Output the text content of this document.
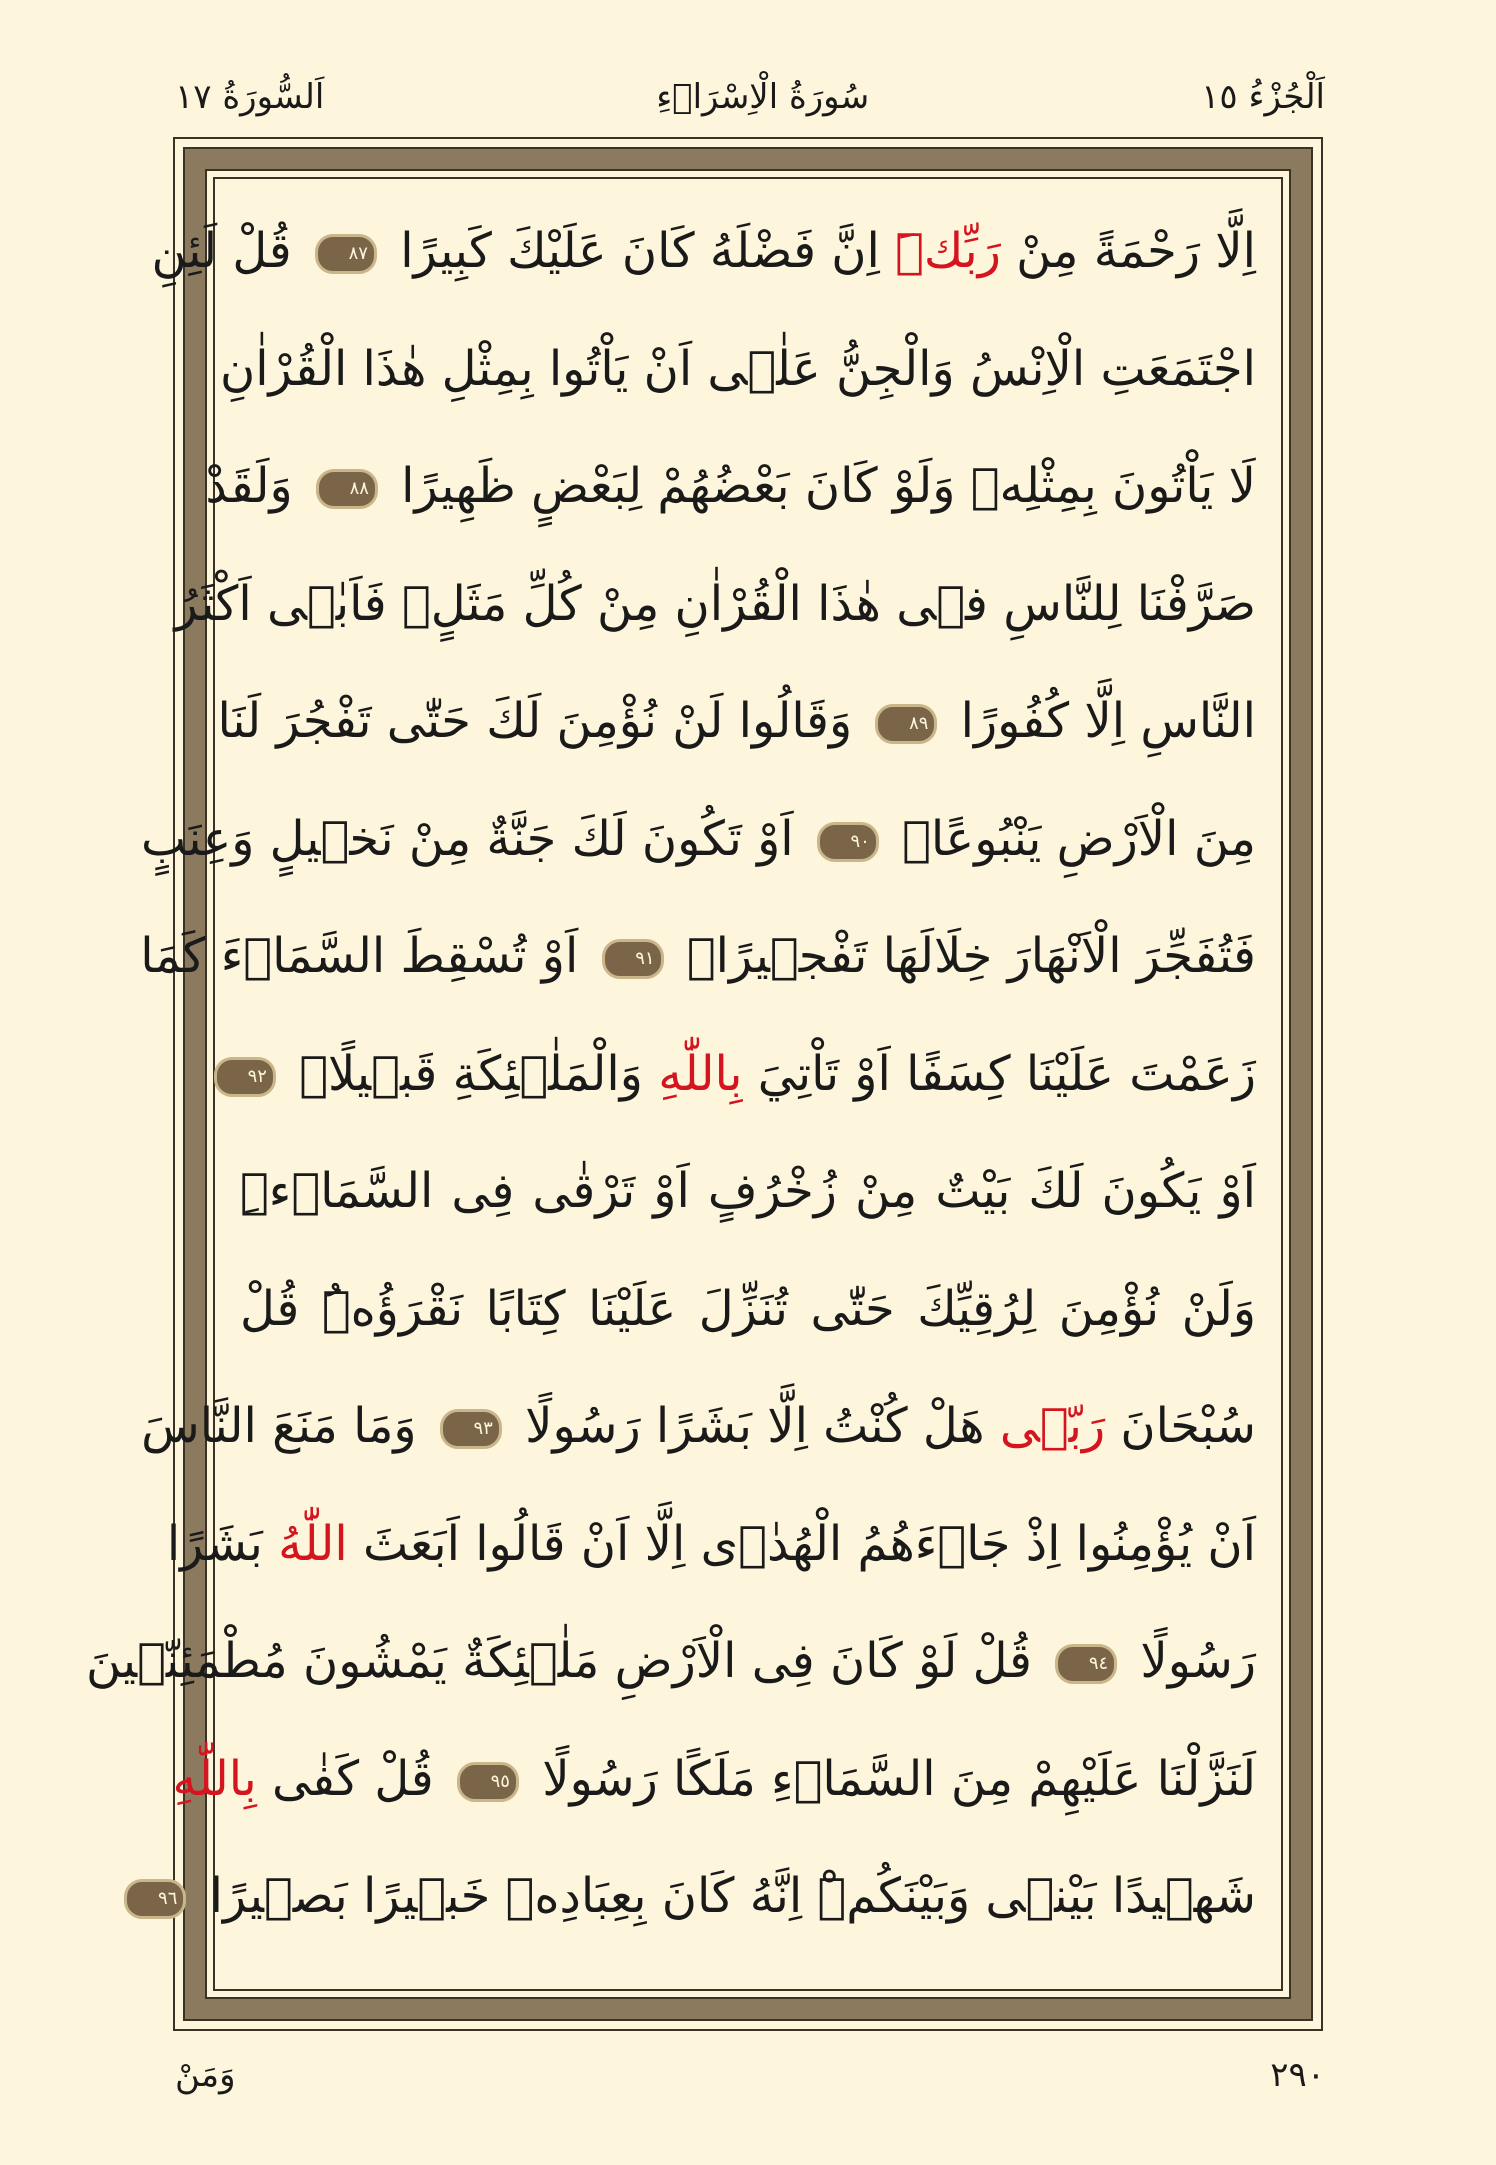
اَلْجُزْءُ ١٥
سُورَةُ الْاِسْرَاۤءِ
اَلسُّورَةُ ١٧
اِلَّا رَحْمَةً مِنْ رَبِّكَۜ اِنَّ فَضْلَهُ كَانَ عَلَيْكَ كَبِيرًا ٨٧ قُلْ لَئِنِ
اجْتَمَعَتِ الْاِنْسُ وَالْجِنُّ عَلٰۤى اَنْ يَاْتُوا بِمِثْلِ هٰذَا الْقُرْاٰنِ
لَا يَاْتُونَ بِمِثْلِهٖ وَلَوْ كَانَ بَعْضُهُمْ لِبَعْضٍ ظَهِيرًا ٨٨ وَلَقَدْ
صَرَّفْنَا لِلنَّاسِ فٖى هٰذَا الْقُرْاٰنِ مِنْ كُلِّ مَثَلٍۘ فَاَبٰۤى اَكْثَرُ
النَّاسِ اِلَّا كُفُورًا ٨٩ وَقَالُوا لَنْ نُؤْمِنَ لَكَ حَتّٰى تَفْجُرَ لَنَا
مِنَ الْاَرْضِ يَنْبُوعًاۙ ٩٠ اَوْ تَكُونَ لَكَ جَنَّةٌ مِنْ نَخٖيلٍ وَعِنَبٍ
فَتُفَجِّرَ الْاَنْهَارَ خِلَالَهَا تَفْجٖيرًاۙ ٩١ اَوْ تُسْقِطَ السَّمَاۤءَ كَمَا
زَعَمْتَ عَلَيْنَا كِسَفًا اَوْ تَاْتِيَ بِاللّٰهِ وَالْمَلٰۤئِكَةِ قَبٖيلًاۙ ٩٢
اَوْ يَكُونَ لَكَ بَيْتٌ مِنْ زُخْرُفٍ اَوْ تَرْقٰى فِى السَّمَاۤءِۜ
وَلَنْ نُؤْمِنَ لِرُقِيِّكَ حَتّٰى تُنَزِّلَ عَلَيْنَا كِتَابًا نَقْرَؤُهُۜ قُلْ
سُبْحَانَ رَبّٖى هَلْ كُنْتُ اِلَّا بَشَرًا رَسُولًا ٩٣ وَمَا مَنَعَ النَّاسَ
اَنْ يُؤْمِنُوا اِذْ جَاۤءَهُمُ الْهُدٰۤى اِلَّا اَنْ قَالُوا اَبَعَثَ اللّٰهُ بَشَرًا
رَسُولًا ٩٤ قُلْ لَوْ كَانَ فِى الْاَرْضِ مَلٰۤئِكَةٌ يَمْشُونَ مُطْمَئِنّٖينَ
لَنَزَّلْنَا عَلَيْهِمْ مِنَ السَّمَاۤءِ مَلَكًا رَسُولًا ٩٥ قُلْ كَفٰى بِاللّٰهِ
شَهٖيدًا بَيْنٖى وَبَيْنَكُمْۜ اِنَّهُ كَانَ بِعِبَادِهٖ خَبٖيرًا بَصٖيرًا ٩٦
٢٩٠
وَمَنْ
